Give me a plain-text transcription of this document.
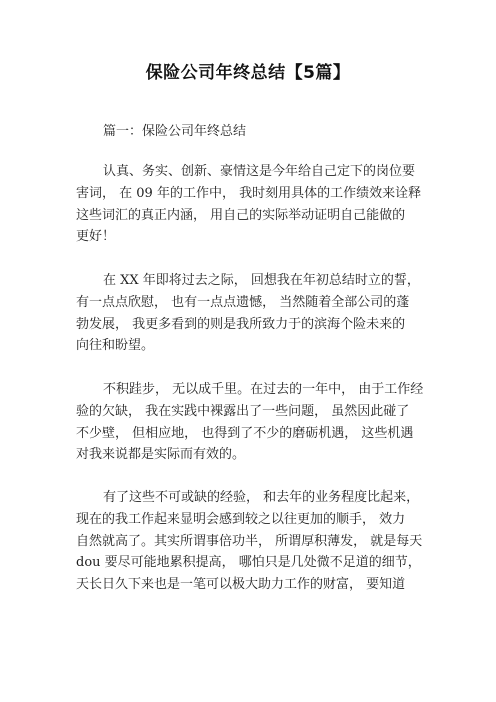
保险公司年终总结【5篇】
篇一：保险公司年终总结
认真、务实、创新、豪情这是今年给自己定下的岗位要
害词， 在 09 年的工作中， 我时刻用具体的工作绩效来诠释
这些词汇的真正内涵， 用自己的实际举动证明自己能做的
更好！
在 XX 年即将过去之际， 回想我在年初总结时立的誓，
有一点点欣慰， 也有一点点遗憾， 当然随着全部公司的蓬
勃发展， 我更多看到的则是我所致力于的滨海个险未来的
向往和盼望。
不积跬步， 无以成千里。在过去的一年中， 由于工作经
验的欠缺， 我在实践中裸露出了一些问题， 虽然因此碰了
不少壁， 但相应地， 也得到了不少的磨砺机遇， 这些机遇
对我来说都是实际而有效的。
有了这些不可或缺的经验， 和去年的业务程度比起来，
现在的我工作起来显明会感到较之以往更加的顺手， 效力
自然就高了。其实所谓事倍功半， 所谓厚积薄发， 就是每天
dou 要尽可能地累积提高， 哪怕只是几处微不足道的细节，
天长日久下来也是一笔可以极大助力工作的财富， 要知道
